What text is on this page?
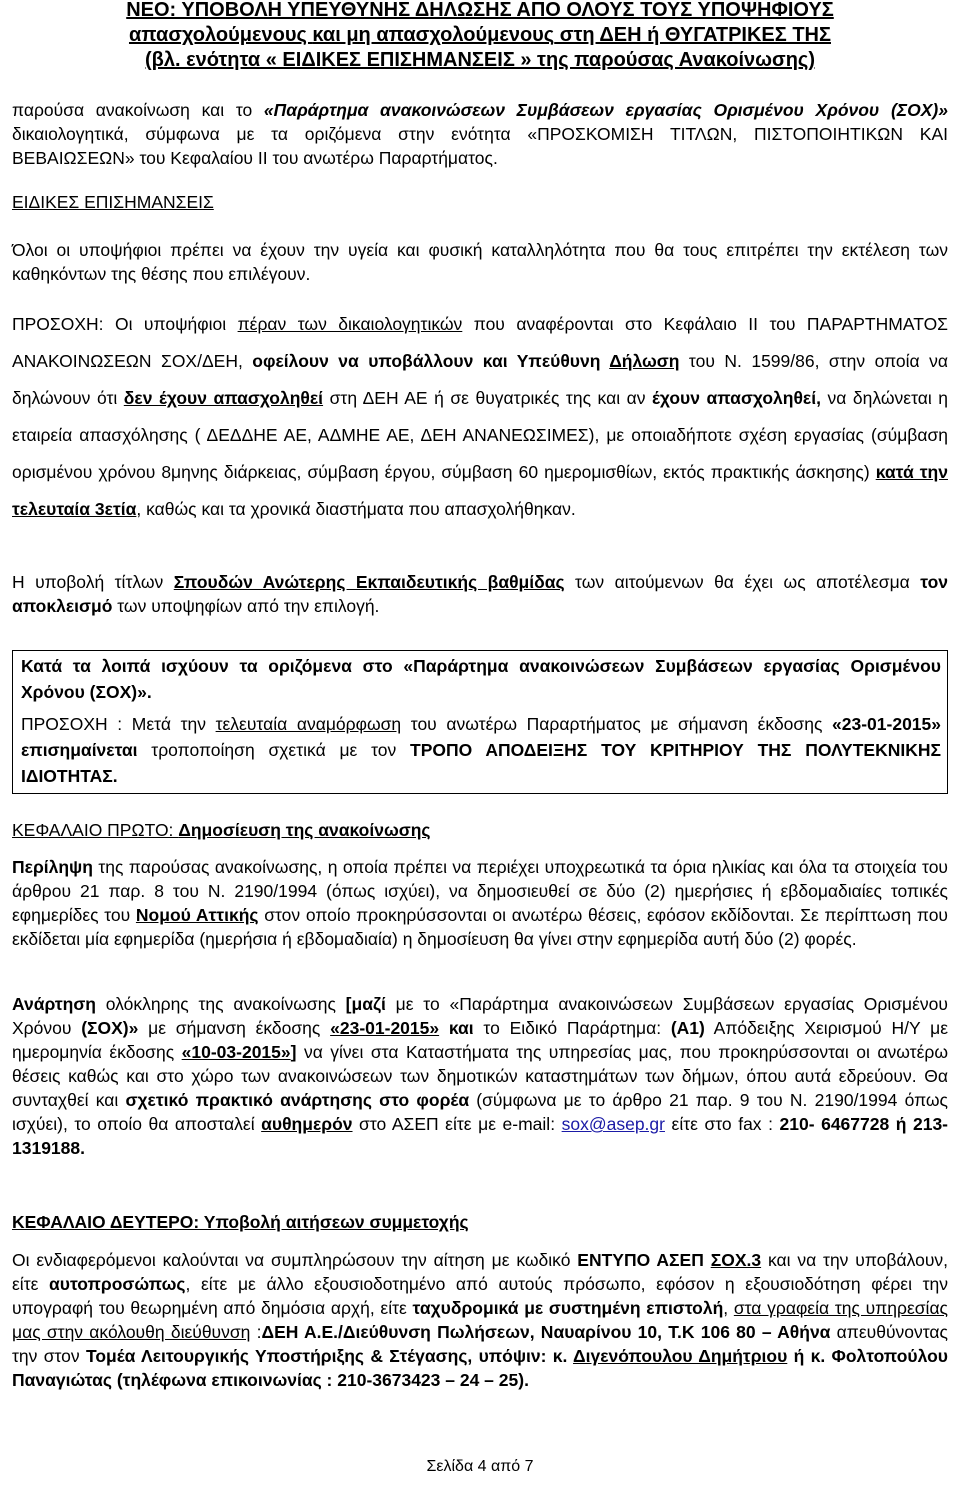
ΝΕΟ: ΥΠΟΒΟΛΗ ΥΠΕΥΘΥΝΗΣ ΔΗΛΩΣΗΣ ΑΠΟ ΟΛΟΥΣ ΤΟΥΣ ΥΠΟΨΗΦΙΟΥΣ
απασχολούμενους και μη απασχολούμενους στη ΔΕΗ ή ΘΥΓΑΤΡΙΚΕΣ ΤΗΣ
(βλ. ενότητα « ΕΙΔΙΚΕΣ ΕΠΙΣΗΜΑΝΣΕΙΣ » της παρούσας Ανακοίνωσης)
παρούσα ανακοίνωση και το «Παράρτημα ανακοινώσεων Συμβάσεων εργασίας Ορισμένου Χρόνου (ΣΟΧ)» δικαιολογητικά, σύμφωνα με τα οριζόμενα στην ενότητα «ΠΡΟΣΚΟΜΙΣΗ ΤΙΤΛΩΝ, ΠΙΣΤΟΠΟΙΗΤΙΚΩΝ ΚΑΙ ΒΕΒΑΙΩΣΕΩΝ» του Κεφαλαίου ΙΙ του ανωτέρω Παραρτήματος.
ΕΙΔΙΚΕΣ ΕΠΙΣΗΜΑΝΣΕΙΣ
Όλοι οι υποψήφιοι πρέπει να έχουν την υγεία και φυσική καταλληλότητα που θα τους επιτρέπει την εκτέλεση των καθηκόντων της θέσης που επιλέγουν.
ΠΡΟΣΟΧΗ: Οι υποψήφιοι πέραν των δικαιολογητικών που αναφέρονται στο Κεφάλαιο ΙΙ του ΠΑΡΑΡΤΗΜΑΤΟΣ ΑΝΑΚΟΙΝΩΣΕΩΝ ΣΟΧ/ΔΕΗ, οφείλουν να υποβάλλουν και Υπεύθυνη Δήλωση του Ν. 1599/86, στην οποία να δηλώνουν ότι δεν έχουν απασχοληθεί στη ΔΕΗ ΑΕ ή σε θυγατρικές της και αν έχουν απασχοληθεί, να δηλώνεται η εταιρεία απασχόλησης ( ΔΕΔΔΗΕ ΑΕ, ΑΔΜΗΕ ΑΕ, ΔΕΗ ΑΝΑΝΕΩΣΙΜΕΣ), με οποιαδήποτε σχέση εργασίας (σύμβαση ορισμένου χρόνου 8μηνης διάρκειας, σύμβαση έργου, σύμβαση 60 ημερομισθίων, εκτός πρακτικής άσκησης) κατά την τελευταία 3ετία, καθώς και τα χρονικά διαστήματα που απασχολήθηκαν.
Η υποβολή τίτλων Σπουδών Ανώτερης Εκπαιδευτικής βαθμίδας των αιτούμενων θα έχει ως αποτέλεσμα τον αποκλεισμό των υποψηφίων από την επιλογή.

Κατά τα λοιπά ισχύουν τα οριζόμενα στο «Παράρτημα ανακοινώσεων Συμβάσεων εργασίας Ορισμένου Χρόνου (ΣΟΧ)».

ΠΡΟΣΟΧΗ : Μετά την τελευταία αναμόρφωση του ανωτέρω Παραρτήματος με σήμανση έκδοσης «23-01-2015» επισημαίνεται τροποποίηση σχετικά με τον ΤΡΟΠΟ ΑΠΟΔΕΙΞΗΣ ΤΟΥ ΚΡΙΤΗΡΙΟΥ ΤΗΣ ΠΟΛΥΤΕΚΝΙΚΗΣ ΙΔΙΟΤΗΤΑΣ.

ΚΕΦΑΛΑΙΟ ΠΡΩΤΟ: Δημοσίευση της ανακοίνωσης
Περίληψη της παρούσας ανακοίνωσης, η οποία πρέπει να περιέχει υποχρεωτικά τα όρια ηλικίας και όλα τα στοιχεία του άρθρου 21 παρ. 8 του Ν. 2190/1994 (όπως ισχύει), να δημοσιευθεί σε δύο (2) ημερήσιες ή εβδομαδιαίες τοπικές εφημερίδες του Νομού Αττικής στον οποίο προκηρύσσονται οι ανωτέρω θέσεις, εφόσον εκδίδονται. Σε περίπτωση που εκδίδεται μία εφημερίδα (ημερήσια ή εβδομαδιαία) η δημοσίευση θα γίνει στην εφημερίδα αυτή δύο (2) φορές.
Ανάρτηση ολόκληρης της ανακοίνωσης [μαζί με το «Παράρτημα ανακοινώσεων Συμβάσεων εργασίας Ορισμένου Χρόνου (ΣΟΧ)» με σήμανση έκδοσης «23-01-2015» και το Ειδικό Παράρτημα: (Α1) Απόδειξης Χειρισμού Η/Υ με ημερομηνία έκδοσης «10-03-2015»] να γίνει στα Καταστήματα της υπηρεσίας μας, που προκηρύσσονται οι ανωτέρω θέσεις καθώς και στο χώρο των ανακοινώσεων των δημοτικών καταστημάτων των δήμων, όπου αυτά εδρεύουν. Θα συνταχθεί και σχετικό πρακτικό ανάρτησης στο φορέα (σύμφωνα με το άρθρο 21 παρ. 9 του Ν. 2190/1994 όπως ισχύει), το οποίο θα αποσταλεί αυθημερόν στο ΑΣΕΠ είτε με e-mail: sox@asep.gr είτε στο fax : 210- 6467728 ή 213-1319188.
ΚΕΦΑΛΑΙΟ ΔΕΥΤΕΡΟ: Υποβολή αιτήσεων συμμετοχής
Οι ενδιαφερόμενοι καλούνται να συμπληρώσουν την αίτηση με κωδικό ΕΝΤΥΠΟ ΑΣΕΠ ΣΟΧ.3 και να την υποβάλουν, είτε αυτοπροσώπως, είτε με άλλο εξουσιοδοτημένο από αυτούς πρόσωπο, εφόσον η εξουσιοδότηση φέρει την υπογραφή του θεωρημένη από δημόσια αρχή, είτε ταχυδρομικά με συστημένη επιστολή, στα γραφεία της υπηρεσίας μας στην ακόλουθη διεύθυνση :ΔΕΗ Α.Ε./Διεύθυνση Πωλήσεων, Ναυαρίνου 10, Τ.Κ 106 80 – Αθήνα απευθύνοντας την στον Τομέα Λειτουργικής Υποστήριξης & Στέγασης, υπόψιν: κ. Διγενόπουλου Δημήτριου ή κ. Φολτοπούλου Παναγιώτας (τηλέφωνα επικοινωνίας : 210-3673423 – 24 – 25).
Σελίδα 4 από 7
